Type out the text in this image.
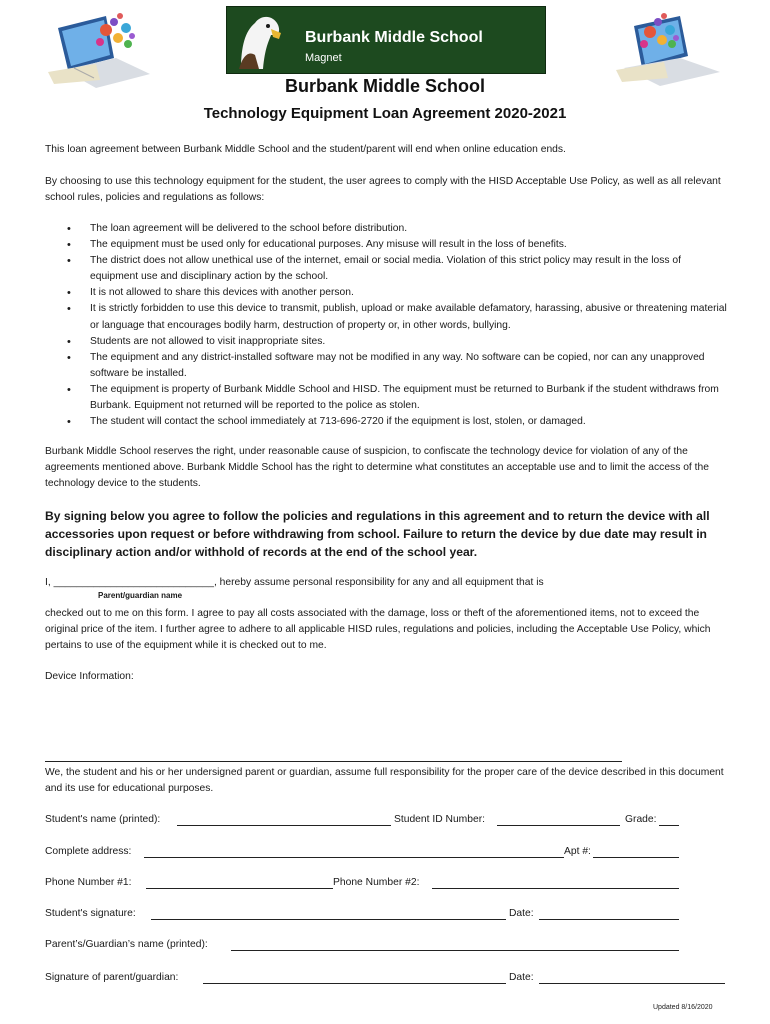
Burbank Middle School
Magnet
Burbank Middle School
Technology Equipment Loan Agreement 2020-2021

This loan agreement between Burbank Middle School and the student/parent will end when online education ends.

By choosing to use this technology equipment for the student, the user agrees to comply with the HISD Acceptable Use Policy, as well as all relevant school rules, policies and regulations as follows:

• The loan agreement will be delivered to the school before distribution.
• The equipment must be used only for educational purposes. Any misuse will result in the loss of benefits.
• The district does not allow unethical use of the internet, email or social media. Violation of this strict policy may result in the loss of equipment use and disciplinary action by the school.
• It is not allowed to share this devices with another person.
• It is strictly forbidden to use this device to transmit, publish, upload or make available defamatory, harassing, abusive or threatening material or language that encourages bodily harm, destruction of property or, in other words, bullying.
• Students are not allowed to visit inappropriate sites.
• The equipment and any district-installed software may not be modified in any way. No software can be copied, nor can any unapproved software be installed.
• The equipment is property of Burbank Middle School and HISD. The equipment must be returned to Burbank if the student withdraws from Burbank. Equipment not returned will be reported to the police as stolen.
• The student will contact the school immediately at 713-696-2720 if the equipment is lost, stolen, or damaged.

Burbank Middle School reserves the right, under reasonable cause of suspicion, to confiscate the technology device for violation of any of the agreements mentioned above. Burbank Middle School has the right to determine what constitutes an acceptable use and to limit the access of the technology device to the students.

By signing below you agree to follow the policies and regulations in this agreement and to return the device with all accessories upon request or before withdrawing from school. Failure to return the device by due date may result in disciplinary action and/or withhold of records at the end of the school year.

I, ____________________________, hereby assume personal responsibility for any and all equipment that is
Parent/guardian name

checked out to me on this form. I agree to pay all costs associated with the damage, loss or theft of the aforementioned items, not to exceed the original price of the item. I further agree to adhere to all applicable HISD rules, regulations and policies, including the Acceptable Use Policy, which pertains to use of the equipment while it is checked out to me.

Device Information:

We, the student and his or her undersigned parent or guardian, assume full responsibility for the proper care of the device described in this document and its use for educational purposes.

Student's name (printed):	Student ID Number:	Grade:
Complete address:	Apt #:
Phone Number #1:	Phone Number #2:
Student's signature:	Date:
Parent’s/Guardian’s name (printed):
Signature of parent/guardian:	Date:
Updated 8/16/2020
